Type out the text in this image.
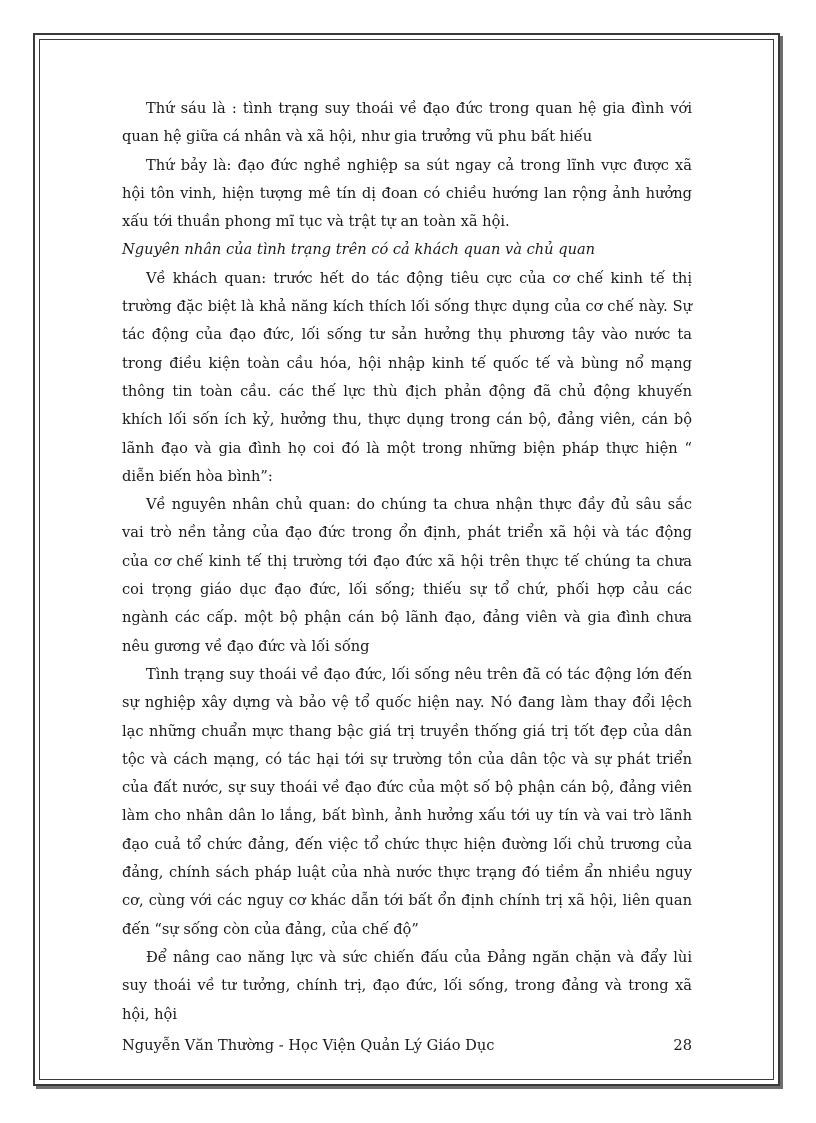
Thứ sáu là : tình trạng suy thoái về đạo đức trong quan hệ gia đình với quan hệ giữa cá nhân và xã hội, như gia trưởng vũ phu bất hiếu

Thứ bảy là: đạo đức nghề nghiệp sa sút ngay cả trong lĩnh vực được xã hội tôn vinh, hiện tượng mê tín dị đoan có chiều hướng lan rộng ảnh hưởng xấu tới thuần phong mĩ tục và trật tự an toàn xã hội.

Nguyên nhân của tình trạng trên có cả khách quan và chủ quan

Về khách quan: trước hết do tác động tiêu cực của cơ chế kinh tế thị trường đặc biệt là khả năng kích thích lối sống thực dụng của cơ chế này. Sự tác động của đạo đức, lối sống tư sản hưởng thụ phương tây vào nước ta trong điều kiện toàn cầu hóa, hội nhập kinh tế quốc tế và bùng nổ mạng thông tin toàn cầu. các thế lực thù địch phản động đã chủ động khuyến khích lối sốn ích kỷ, hưởng thu, thực dụng trong cán bộ, đảng viên, cán bộ lãnh đạo và gia đình họ coi đó là một trong những biện pháp thực hiện “ diễn biến hòa bình”:

Về nguyên nhân chủ quan: do chúng ta chưa nhận thực đầy đủ sâu sắc vai trò nền tảng của đạo đức trong ổn định, phát triển xã hội và tác động của cơ chế kinh tế thị trường tới đạo đức xã hội trên thực tế chúng ta chưa coi trọng giáo dục đạo đức, lối sống; thiếu sự tổ chứ, phối hợp cảu các ngành các cấp. một bộ phận cán bộ lãnh đạo, đảng viên và gia đình chưa nêu gương về đạo đức và lối sống

Tình trạng suy thoái về đạo đức, lối sống nêu trên đã có tác động lớn đến sự nghiệp xây dựng và bảo vệ tổ quốc hiện nay. Nó đang làm thay đổi lệch lạc những chuẩn mực thang bậc giá trị truyền thống giá trị tốt đẹp của dân tộc và cách mạng, có tác hại tới sự trường tồn của dân tộc và sự phát triển của đất nước, sự suy thoái về đạo đức của một số bộ phận cán bộ, đảng viên làm cho nhân dân lo lắng, bất bình, ảnh hưởng xấu tới uy tín và vai trò lãnh đạo cuả tổ chức đảng, đến việc tổ chức thực hiện đường lối chủ trương của đảng, chính sách pháp luật của nhà nước thực trạng đó tiềm ẩn nhiều nguy cơ, cùng với các nguy cơ khác dẫn tới bất ổn định chính trị xã hội, liên quan đến “sự sống còn của đảng, của chế độ”

Để nâng cao năng lực và sức chiến đấu của Đảng ngăn chặn và đẩy lùi suy thoái về tư tưởng, chính trị, đạo đức, lối sống, trong đảng và trong xã hội, hội

Nguyễn Văn Thường - Học Viện Quản Lý Giáo Dục	28
